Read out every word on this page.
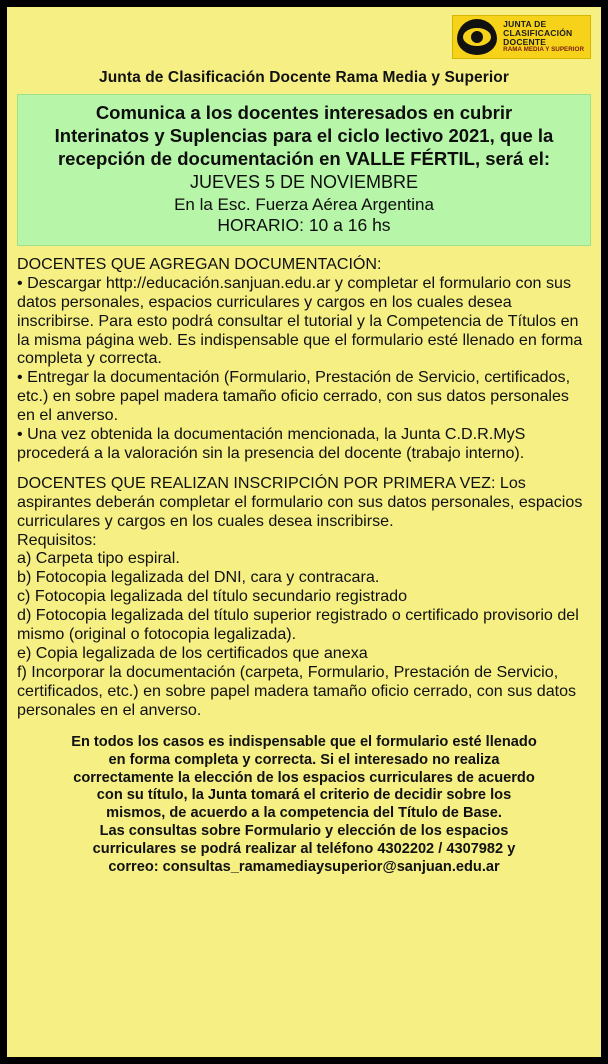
JUNTA DE
CLASIFICACIÓN
DOCENTE
RAMA MEDIA Y SUPERIOR
Junta de Clasificación Docente Rama Media y Superior
Comunica a los docentes interesados en cubrir
Interinatos y Suplencias para el ciclo lectivo 2021, que la
recepción de documentación en VALLE FÉRTIL, será el:
JUEVES 5 DE NOVIEMBRE
En la Esc. Fuerza Aérea Argentina
HORARIO: 10 a 16 hs

DOCENTES QUE AGREGAN DOCUMENTACIÓN:

• Descargar http://educación.sanjuan.edu.ar y completar el formulario con sus datos personales, espacios curriculares y cargos en los cuales desea inscribirse. Para esto podrá consultar el tutorial y la Competencia de Títulos en la misma página web. Es indispensable que el formulario esté llenado en forma completa y correcta.

• Entregar la documentación (Formulario, Prestación de Servicio, certificados, etc.) en sobre papel madera tamaño oficio cerrado, con sus datos personales en el anverso.

• Una vez obtenida la documentación mencionada, la Junta C.D.R.MyS procederá a la valoración sin la presencia del docente (trabajo interno).

DOCENTES QUE REALIZAN INSCRIPCIÓN POR PRIMERA VEZ: Los aspirantes deberán completar el formulario con sus datos personales, espacios curriculares y cargos en los cuales desea inscribirse.

Requisitos:

a) Carpeta tipo espiral.

b) Fotocopia legalizada del DNI, cara y contracara.

c) Fotocopia legalizada del título secundario registrado

d) Fotocopia legalizada del título superior registrado o certificado provisorio del mismo (original o fotocopia legalizada).

e) Copia legalizada de los certificados que anexa

f) Incorporar la documentación (carpeta, Formulario, Prestación de Servicio, certificados, etc.) en sobre papel madera tamaño oficio cerrado, con sus datos personales en el anverso.

En todos los casos es indispensable que el formulario esté llenado
en forma completa y correcta. Si el interesado no realiza
correctamente la elección de los espacios curriculares de acuerdo
con su título, la Junta tomará el criterio de decidir sobre los
mismos, de acuerdo a la competencia del Título de Base.
Las consultas sobre Formulario y elección de los espacios
curriculares se podrá realizar al teléfono 4302202 / 4307982 y
correo: consultas_ramamediaysuperior@sanjuan.edu.ar
